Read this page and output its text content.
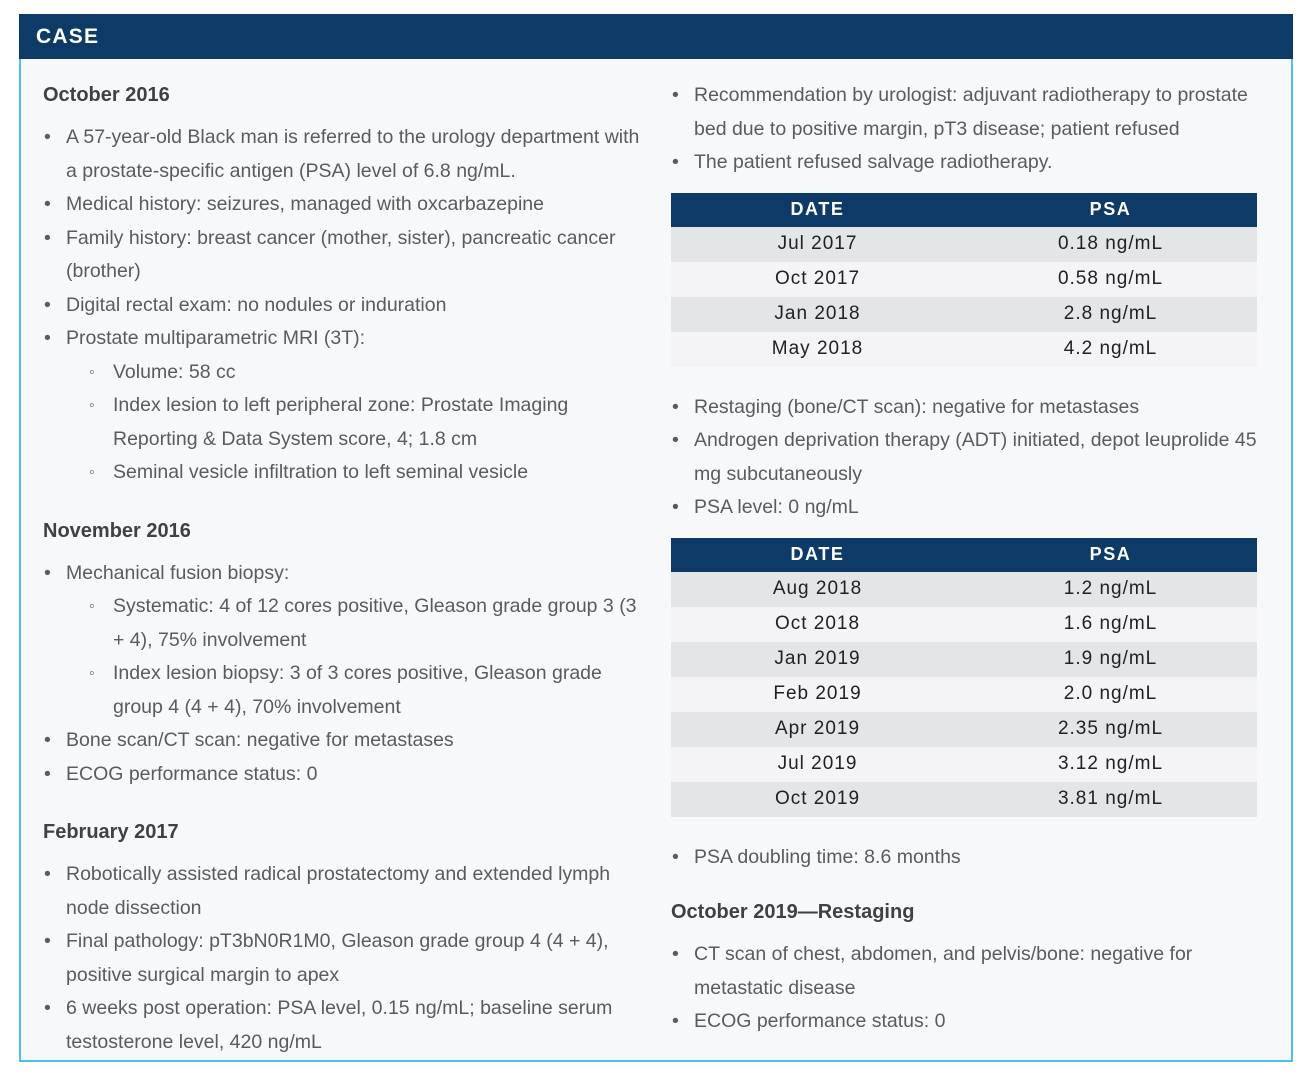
CASE
October 2016
• A 57-year-old Black man is referred to the urology department with a prostate-specific antigen (PSA) level of 6.8 ng/mL.
• Medical history: seizures, managed with oxcarbazepine
• Family history: breast cancer (mother, sister), pancreatic cancer (brother)
• Digital rectal exam: no nodules or induration
• Prostate multiparametric MRI (3T):
◦ Volume: 58 cc
◦ Index lesion to left peripheral zone: Prostate Imaging Reporting & Data System score, 4; 1.8 cm
◦ Seminal vesicle infiltration to left seminal vesicle
November 2016
• Mechanical fusion biopsy:
◦ Systematic: 4 of 12 cores positive, Gleason grade group 3 (3 + 4), 75% involvement
◦ Index lesion biopsy: 3 of 3 cores positive, Gleason grade group 4 (4 + 4), 70% involvement
• Bone scan/CT scan: negative for metastases
• ECOG performance status: 0
February 2017
• Robotically assisted radical prostatectomy and extended lymph node dissection
• Final pathology: pT3bN0R1M0, Gleason grade group 4 (4 + 4), positive surgical margin to apex
• 6 weeks post operation: PSA level, 0.15 ng/mL; baseline serum testosterone level, 420 ng/mL
• Recommendation by urologist: adjuvant radiotherapy to prostate bed due to positive margin, pT3 disease; patient refused
• The patient refused salvage radiotherapy.
DATE	PSA
Jul 2017	0.18 ng/mL
Oct 2017	0.58 ng/mL
Jan 2018	2.8 ng/mL
May 2018	4.2 ng/mL
• Restaging (bone/CT scan): negative for metastases
• Androgen deprivation therapy (ADT) initiated, depot leuprolide 45 mg subcutaneously
• PSA level: 0 ng/mL
DATE	PSA
Aug 2018	1.2 ng/mL
Oct 2018	1.6 ng/mL
Jan 2019	1.9 ng/mL
Feb 2019	2.0 ng/mL
Apr 2019	2.35 ng/mL
Jul 2019	3.12 ng/mL
Oct 2019	3.81 ng/mL
• PSA doubling time: 8.6 months
October 2019—Restaging
• CT scan of chest, abdomen, and pelvis/bone: negative for metastatic disease
• ECOG performance status: 0
